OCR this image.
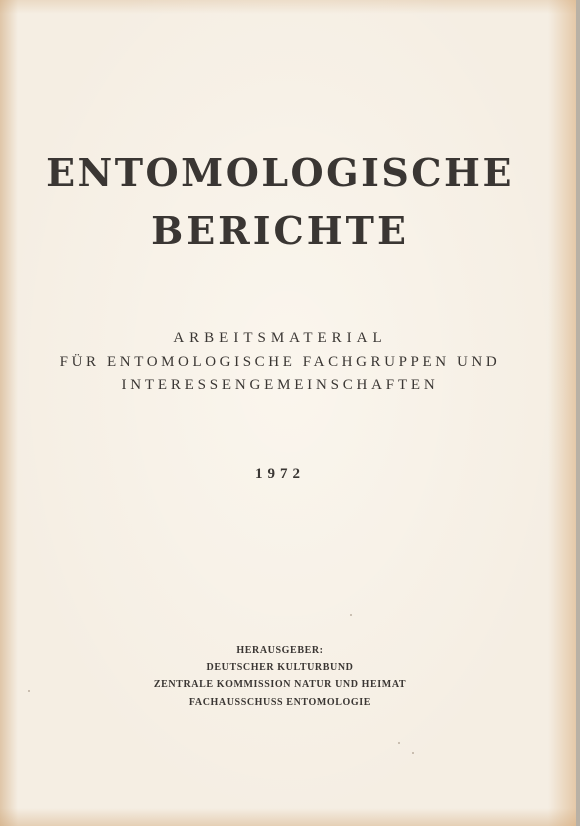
ENTOMOLOGISCHE
BERICHTE

ARBEITSMATERIAL

FÜR ENTOMOLOGISCHE FACHGRUPPEN UND

INTERESSENGEMEINSCHAFTEN

1972

HERAUSGEBER:

DEUTSCHER KULTURBUND

ZENTRALE KOMMISSION NATUR UND HEIMAT

FACHAUSSCHUSS ENTOMOLOGIE
